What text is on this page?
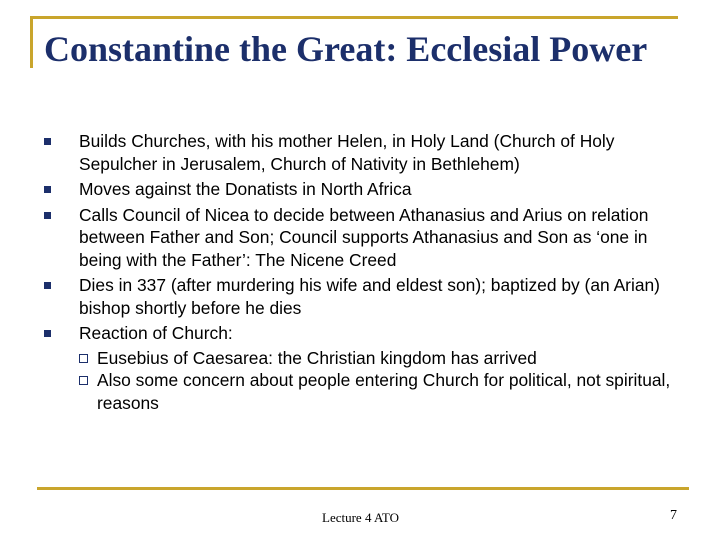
Constantine the Great: Ecclesial Power
Builds Churches, with his mother Helen, in Holy Land (Church of Holy Sepulcher in Jerusalem, Church of Nativity in Bethlehem)
Moves against the Donatists in North Africa
Calls Council of Nicea to decide between Athanasius and Arius on relation between Father and Son; Council supports Athanasius and Son as ‘one in being with the Father’: The Nicene Creed
Dies in 337 (after murdering his wife and eldest son); baptized by (an Arian) bishop shortly before he dies
Reaction of Church:
Eusebius of Caesarea: the Christian kingdom has arrived
Also some concern about people entering Church for political, not spiritual, reasons
Lecture 4 ATO	7
